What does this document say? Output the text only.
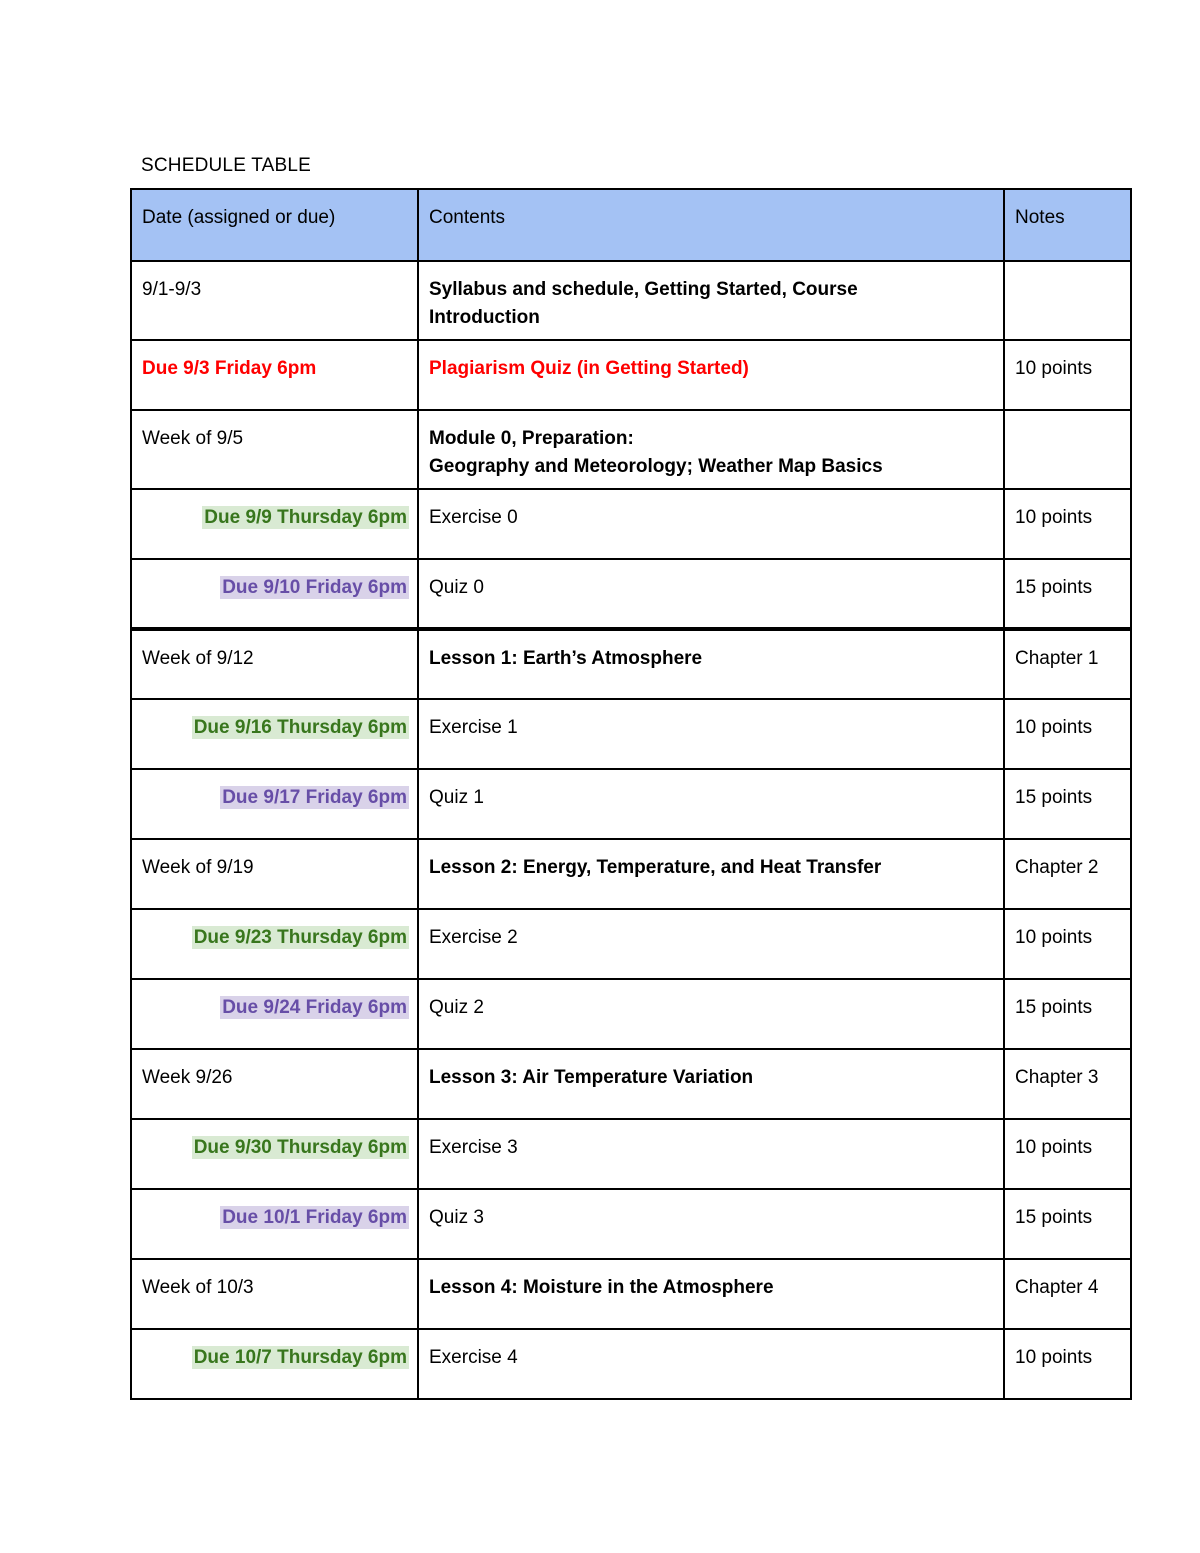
SCHEDULE TABLE
Date (assigned or due)	Contents	Notes
9/1-9/3	Syllabus and schedule, Getting Started, Course
Introduction	

Due 9/3 Friday 6pm	Plagiarism Quiz (in Getting Started)	10 points
Week of 9/5	Module 0, Preparation:
Geography and Meteorology; Weather Map Basics	

Due 9/9 Thursday 6pm	Exercise 0	10 points
Due 9/10 Friday 6pm	Quiz 0	15 points
Week of 9/12	Lesson 1: Earth’s Atmosphere	Chapter 1
Due 9/16 Thursday 6pm	Exercise 1	10 points
Due 9/17 Friday 6pm	Quiz 1	15 points
Week of 9/19	Lesson 2: Energy, Temperature, and Heat Transfer	Chapter 2
Due 9/23 Thursday 6pm	Exercise 2	10 points
Due 9/24 Friday 6pm	Quiz 2	15 points
Week 9/26	Lesson 3: Air Temperature Variation	Chapter 3
Due 9/30 Thursday 6pm	Exercise 3	10 points
Due 10/1 Friday 6pm	Quiz 3	15 points
Week of 10/3	Lesson 4: Moisture in the Atmosphere	Chapter 4
Due 10/7 Thursday 6pm	Exercise 4	10 points
